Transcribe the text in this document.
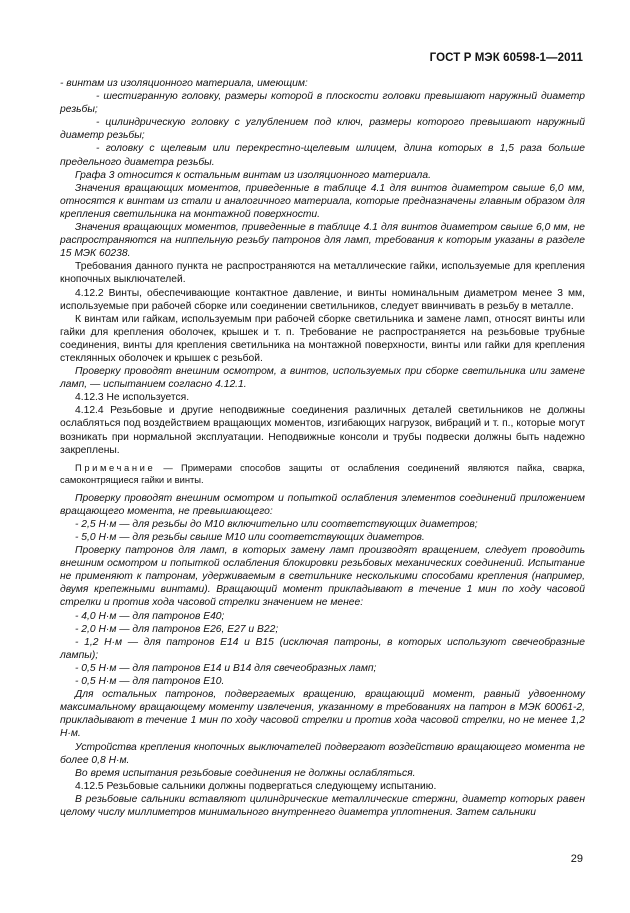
ГОСТ Р МЭК 60598-1—2011

- винтам из изоляционного материала, имеющим:

- шестигранную головку, размеры которой в плоскости головки превышают наружный диаметр резьбы;

- цилиндрическую головку с углублением под ключ, размеры которого превышают наружный диаметр резьбы;

- головку с щелевым или перекрестно-щелевым шлицем, длина которых в 1,5 раза больше предельного диаметра резьбы.

Графа 3 относится к остальным винтам из изоляционного материала.

Значения вращающих моментов, приведенные в таблице 4.1 для винтов диаметром свыше 6,0 мм, относятся к винтам из стали и аналогичного материала, которые предназначены главным образом для крепления светильника на монтажной поверхности.

Значения вращающих моментов, приведенные в таблице 4.1 для винтов диаметром свыше 6,0 мм, не распространяются на ниппельную резьбу патронов для ламп, требования к которым указаны в разделе 15 МЭК 60238.

Требования данного пункта не распространяются на металлические гайки, используемые для крепления кнопочных выключателей.

4.12.2 Винты, обеспечивающие контактное давление, и винты номинальным диаметром менее 3 мм, используемые при рабочей сборке или соединении светильников, следует ввинчивать в резьбу в металле.

К винтам или гайкам, используемым при рабочей сборке светильника и замене ламп, относят винты или гайки для крепления оболочек, крышек и т. п. Требование не распространяется на резьбовые трубные соединения, винты для крепления светильника на монтажной поверхности, винты или гайки для крепления стеклянных оболочек и крышек с резьбой.

Проверку проводят внешним осмотром, а винтов, используемых при сборке светильника или замене ламп, — испытанием согласно 4.12.1.

4.12.3 Не используется.

4.12.4 Резьбовые и другие неподвижные соединения различных деталей светильников не должны ослабляться под воздействием вращающих моментов, изгибающих нагрузок, вибраций и т. п., которые могут возникать при нормальной эксплуатации. Неподвижные консоли и трубы подвески должны быть надежно закреплены.

Примечание — Примерами способов защиты от ослабления соединений являются пайка, сварка, самоконтрящиеся гайки и винты.

Проверку проводят внешним осмотром и попыткой ослабления элементов соединений приложением вращающего момента, не превышающего:

- 2,5 Н·м — для резьбы до М10 включительно или соответствующих диаметров;

- 5,0 Н·м — для резьбы свыше М10 или соответствующих диаметров.

Проверку патронов для ламп, в которых замену ламп производят вращением, следует проводить внешним осмотром и попыткой ослабления блокировки резьбовых механических соединений. Испытание не применяют к патронам, удерживаемым в светильнике несколькими способами крепления (например, двумя крепежными винтами). Вращающий момент прикладывают в течение 1 мин по ходу часовой стрелки и против хода часовой стрелки значением не менее:

- 4,0 Н·м — для патронов Е40;

- 2,0 Н·м — для патронов Е26, Е27 и В22;

- 1,2 Н·м — для патронов Е14 и В15 (исключая патроны, в которых используют свечеобразные лампы);

- 0,5 Н·м — для патронов Е14 и В14 для свечеобразных ламп;

- 0,5 Н·м — для патронов Е10.

Для остальных патронов, подвергаемых вращению, вращающий момент, равный удвоенному максимальному вращающему моменту извлечения, указанному в требованиях на патрон в МЭК 60061-2, прикладывают в течение 1 мин по ходу часовой стрелки и против хода часовой стрелки, но не менее 1,2 Н·м.

Устройства крепления кнопочных выключателей подвергают воздействию вращающего момента не более 0,8 Н·м.

Во время испытания резьбовые соединения не должны ослабляться.

4.12.5 Резьбовые сальники должны подвергаться следующему испытанию.

В резьбовые сальники вставляют цилиндрические металлические стержни, диаметр которых равен целому числу миллиметров минимального внутреннего диаметра уплотнения. Затем сальники

29
